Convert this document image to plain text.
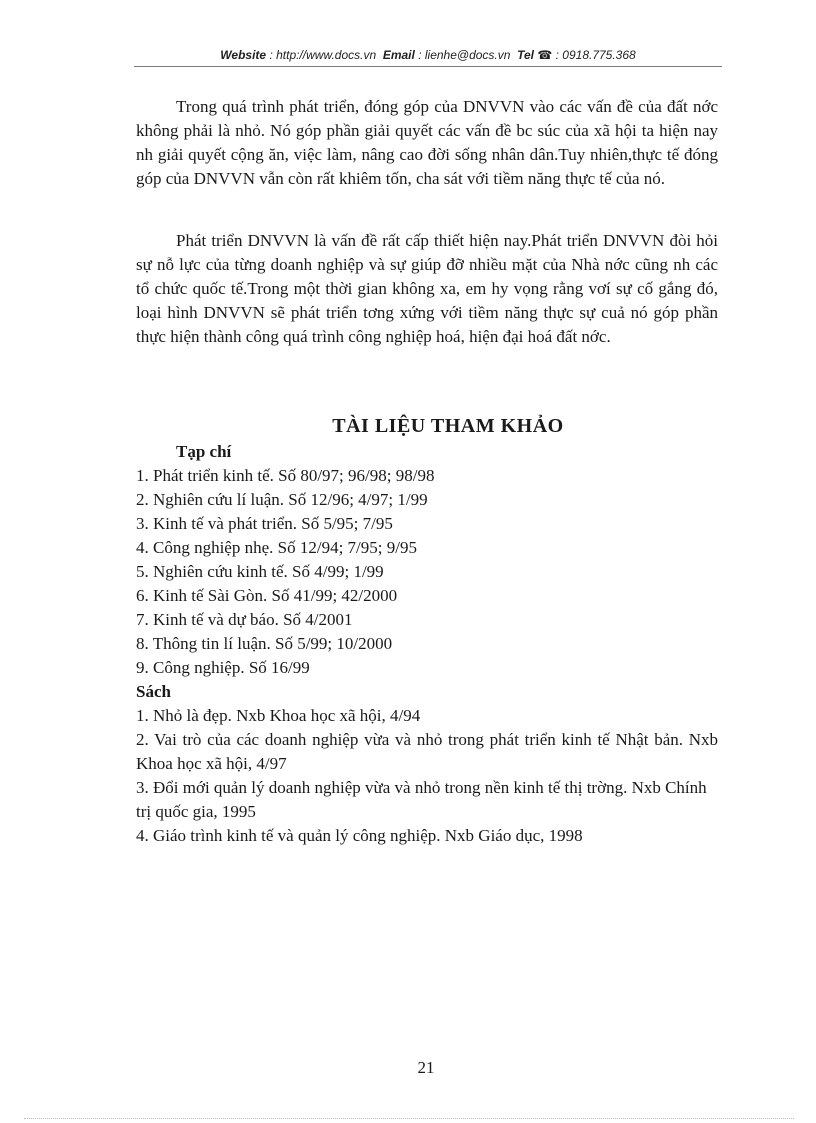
Website : http://www.docs.vn Email : lienhe@docs.vn Tel ☎ : 0918.775.368

Trong quá trình phát triển, đóng góp của DNVVN vào các vấn đề của đất nớc không phải là nhỏ. Nó góp phần giải quyết các vấn đề bc súc của xã hội ta hiện nay nh giải quyết cộng ăn, việc làm, nâng cao đời sống nhân dân.Tuy nhiên,thực tế đóng góp của DNVVN vẫn còn rất khiêm tốn, cha sát với tiềm năng thực tế của nó.

Phát triển DNVVN là vấn đề rất cấp thiết hiện nay.Phát triển DNVVN đòi hỏi sự nỗ lực của từng doanh nghiệp và sự giúp đỡ nhiều mặt của Nhà nớc cũng nh các tổ chức quốc tế.Trong một thời gian không xa, em hy vọng rằng vơí sự cố gắng đó, loại hình DNVVN sẽ phát triển tơng xứng với tiềm năng thực sự cuả nó góp phần thực hiện thành công quá trình công nghiệp hoá, hiện đại hoá đất nớc.

TÀI LIỆU THAM KHẢO
Tạp chí
1. Phát triển kinh tế. Số 80/97; 96/98; 98/98
2. Nghiên cứu lí luận. Số 12/96; 4/97; 1/99
3. Kinh tế và phát triển. Số 5/95; 7/95
4. Công nghiệp nhẹ. Số 12/94; 7/95; 9/95
5. Nghiên cứu kinh tế. Số 4/99; 1/99
6. Kinh tế Sài Gòn. Số 41/99; 42/2000
7. Kinh tế và dự báo. Số 4/2001
8. Thông tin lí luận. Số 5/99; 10/2000
9. Công nghiệp. Số 16/99
Sách
1. Nhỏ là đẹp. Nxb Khoa học xã hội, 4/94
2. Vai trò của các doanh nghiệp vừa và nhỏ trong phát triển kinh tế Nhật bản. Nxb Khoa học xã hội, 4/97
3. Đổi mới quản lý doanh nghiệp vừa và nhỏ trong nền kinh tế thị trờng. Nxb Chính trị quốc gia, 1995
4. Giáo trình kinh tế và quản lý công nghiệp. Nxb Giáo dục, 1998
21
